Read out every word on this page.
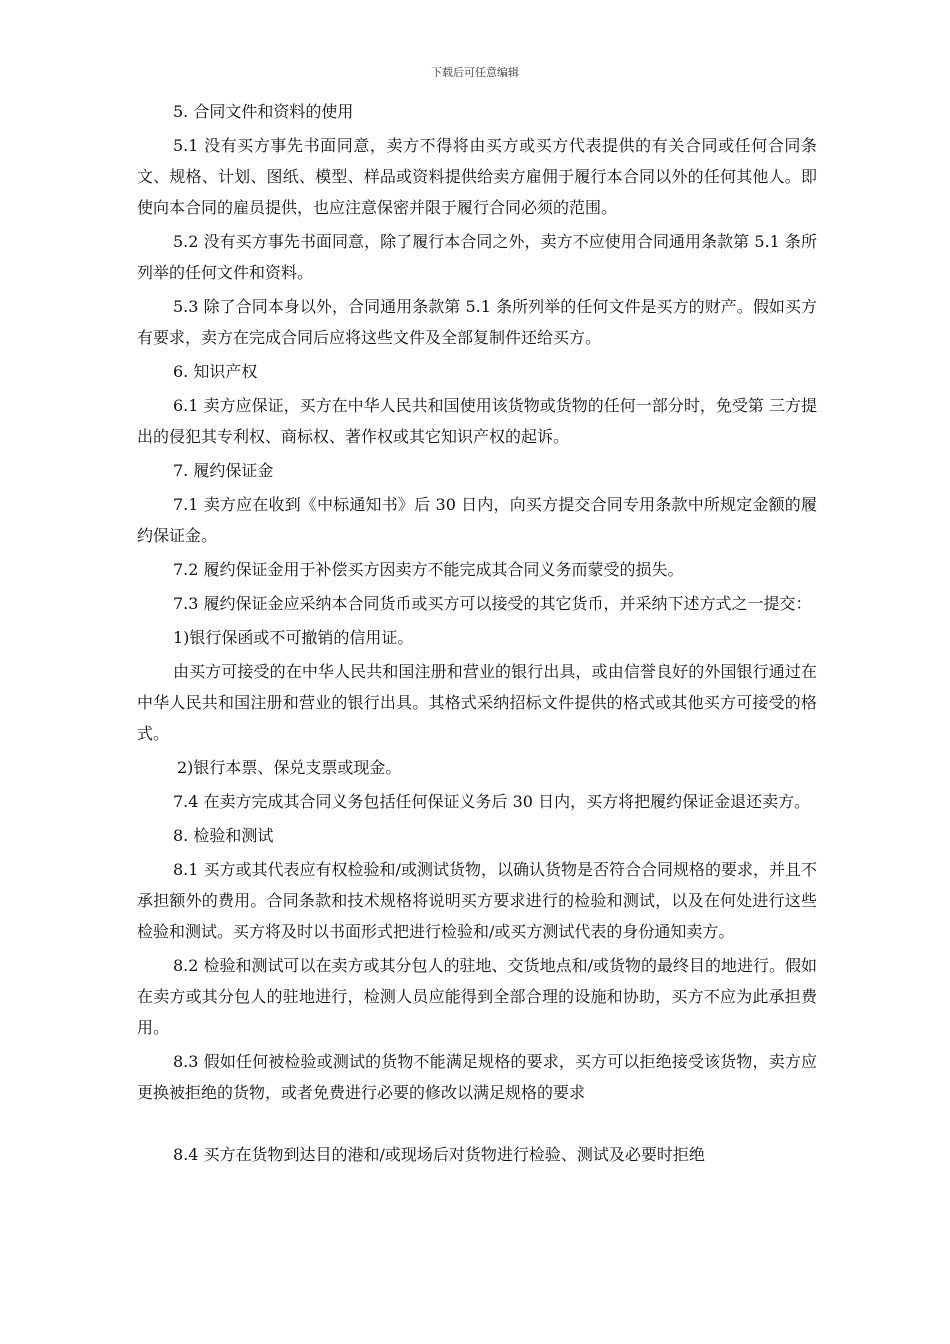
下载后可任意编辑

5. 合同文件和资料的使用

5.1 没有买方事先书面同意，卖方不得将由买方或买方代表提供的有关合同或任何合同条文、规格、计划、图纸、模型、样品或资料提供给卖方雇佣于履行本合同以外的任何其他人。即使向本合同的雇员提供，也应注意保密并限于履行合同必须的范围。

5.2 没有买方事先书面同意，除了履行本合同之外，卖方不应使用合同通用条款第 5.1 条所列举的任何文件和资料。

5.3 除了合同本身以外，合同通用条款第 5.1 条所列举的任何文件是买方的财产。假如买方有要求，卖方在完成合同后应将这些文件及全部复制件还给买方。

6. 知识产权

6.1 卖方应保证，买方在中华人民共和国使用该货物或货物的任何一部分时，免受第 三方提出的侵犯其专利权、商标权、著作权或其它知识产权的起诉。

7. 履约保证金

7.1 卖方应在收到《中标通知书》后 30 日内，向买方提交合同专用条款中所规定金额的履约保证金。

7.2 履约保证金用于补偿买方因卖方不能完成其合同义务而蒙受的损失。

7.3 履约保证金应采纳本合同货币或买方可以接受的其它货币，并采纳下述方式之一提交：

1)银行保函或不可撤销的信用证。

由买方可接受的在中华人民共和国注册和营业的银行出具，或由信誉良好的外国银行通过在中华人民共和国注册和营业的银行出具。其格式采纳招标文件提供的格式或其他买方可接受的格式。

2)银行本票、保兑支票或现金。

7.4 在卖方完成其合同义务包括任何保证义务后 30 日内，买方将把履约保证金退还卖方。

8. 检验和测试

8.1 买方或其代表应有权检验和/或测试货物，以确认货物是否符合合同规格的要求，并且不承担额外的费用。合同条款和技术规格将说明买方要求进行的检验和测试，以及在何处进行这些检验和测试。买方将及时以书面形式把进行检验和/或买方测试代表的身份通知卖方。

8.2 检验和测试可以在卖方或其分包人的驻地、交货地点和/或货物的最终目的地进行。假如在卖方或其分包人的驻地进行，检测人员应能得到全部合理的设施和协助，买方不应为此承担费用。

8.3 假如任何被检验或测试的货物不能满足规格的要求，买方可以拒绝接受该货物，卖方应更换被拒绝的货物，或者免费进行必要的修改以满足规格的要求

8.4 买方在货物到达目的港和/或现场后对货物进行检验、测试及必要时拒绝
